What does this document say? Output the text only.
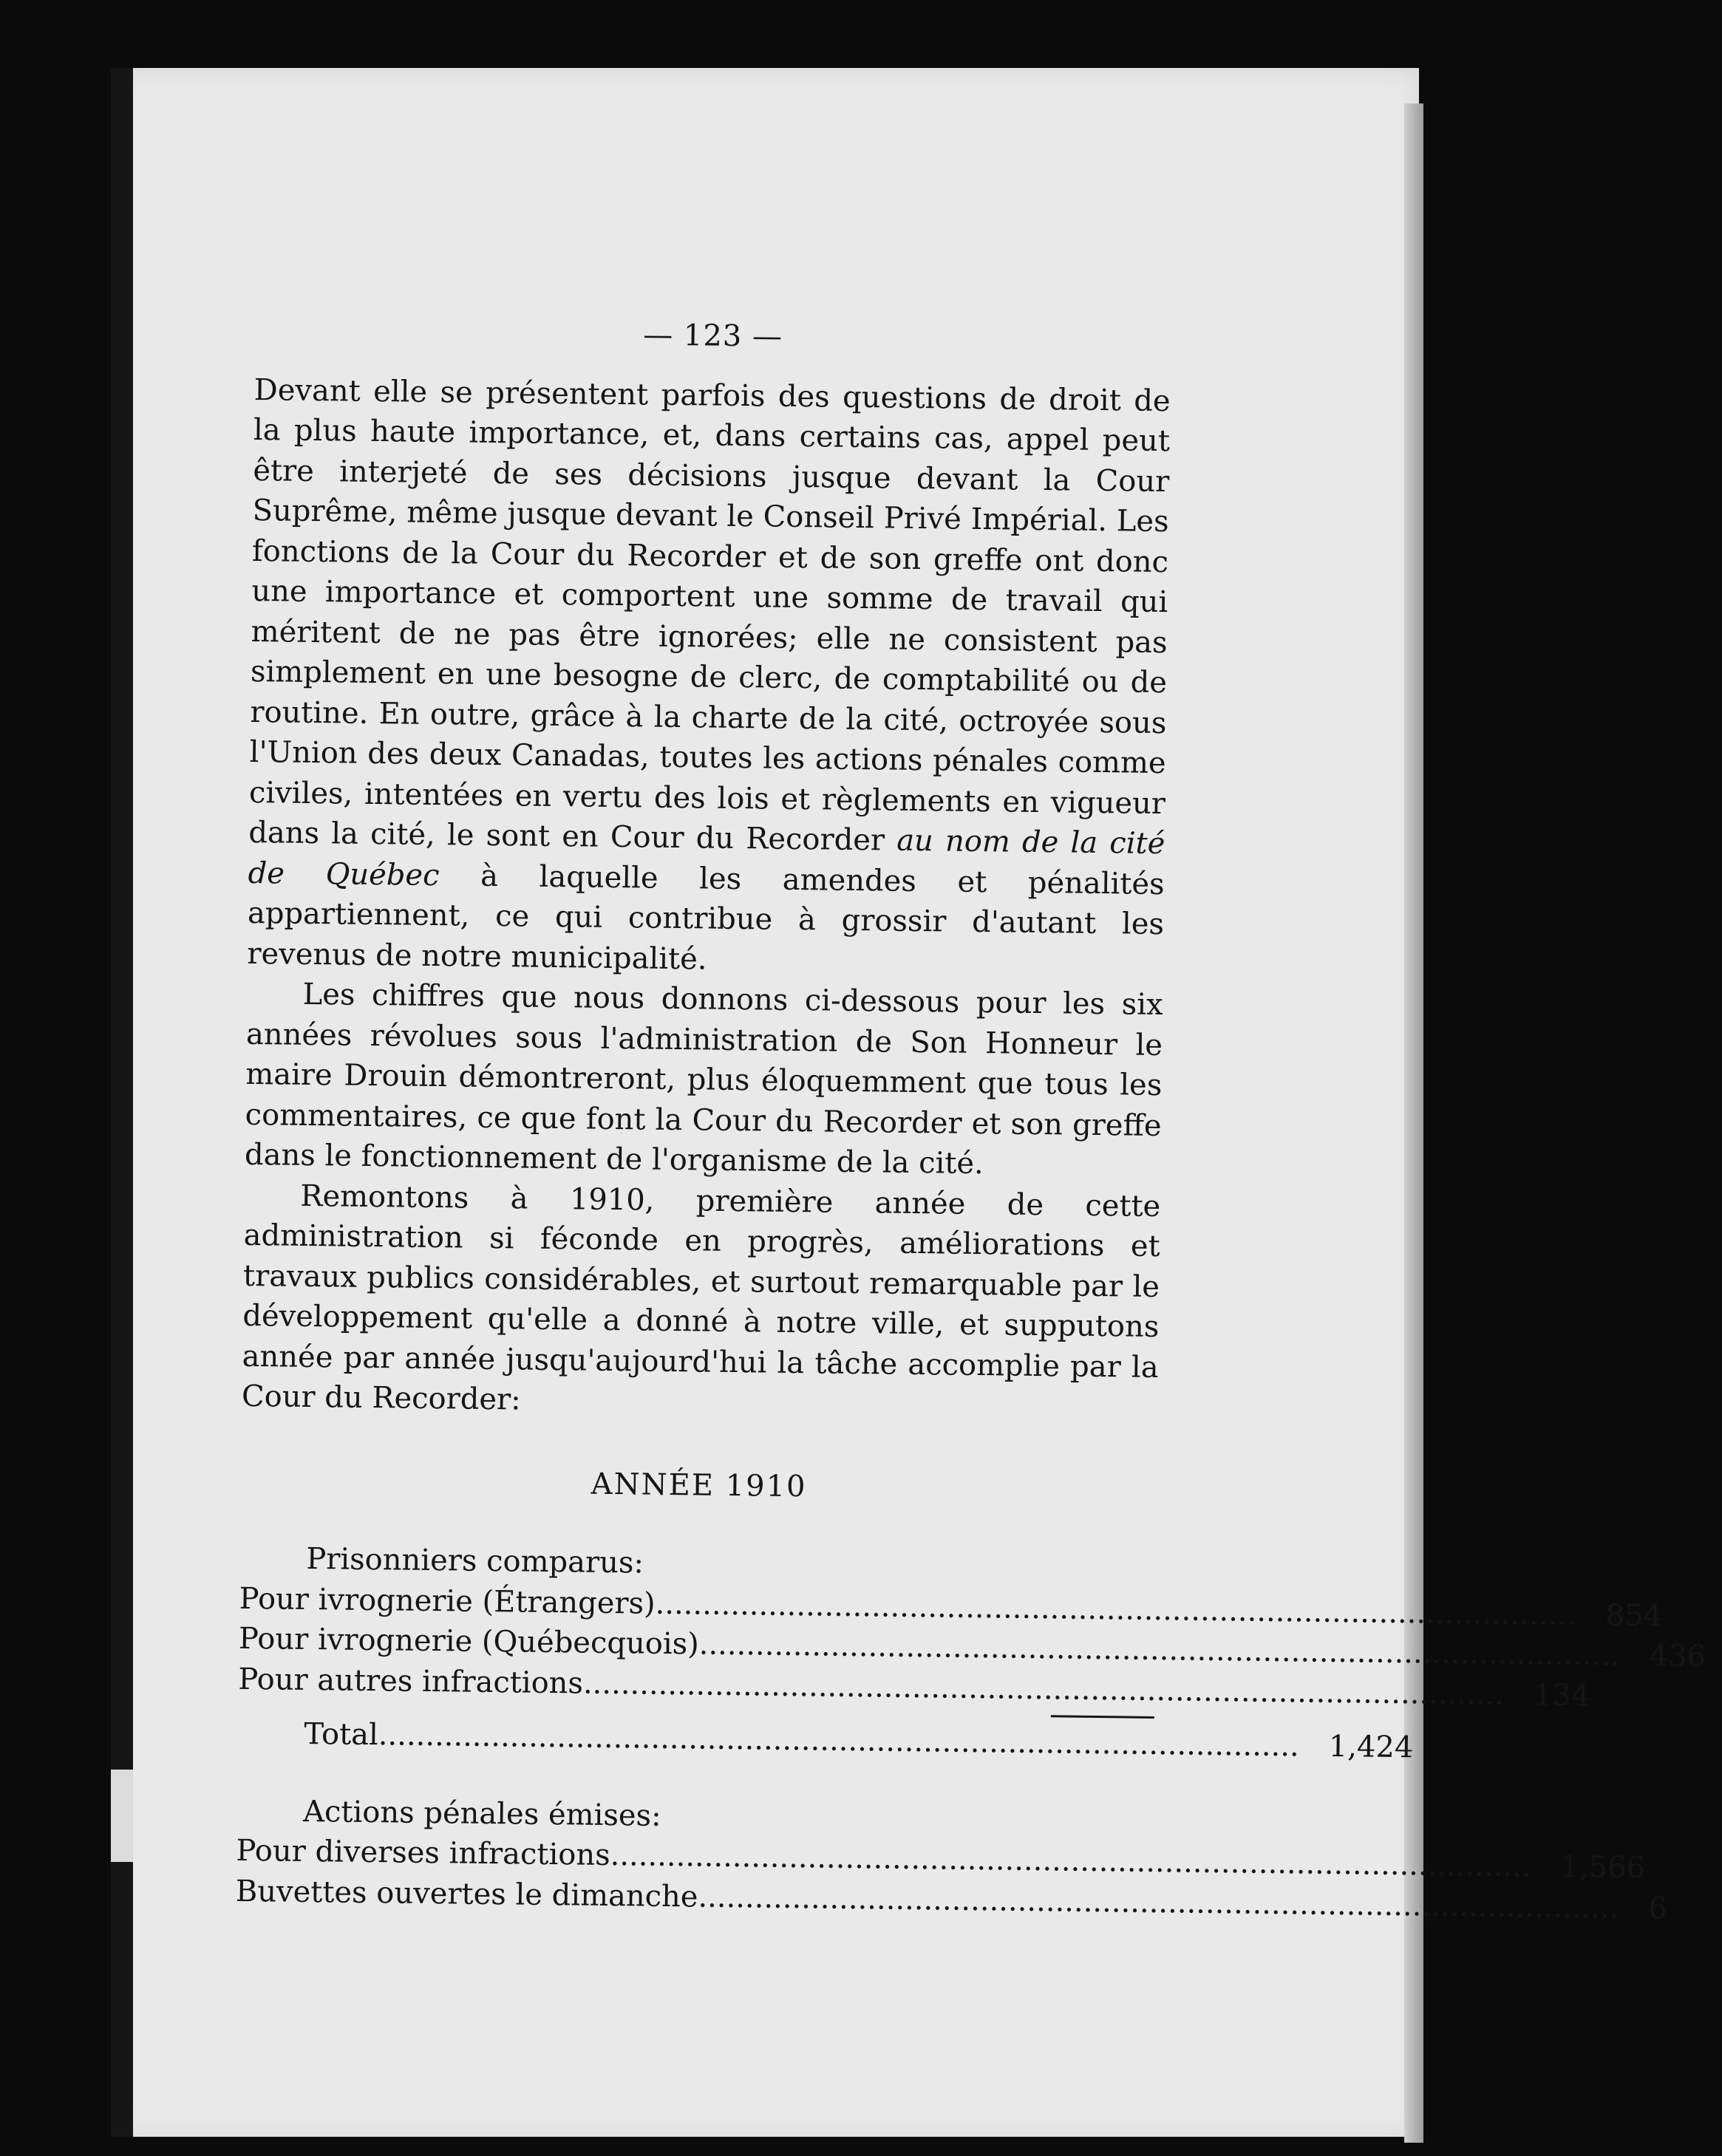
— 123 —

Devant elle se présentent parfois des questions de droit de la plus haute importance, et, dans certains cas, appel peut être interjeté de ses décisions jusque devant la Cour Suprême, même jusque devant le Conseil Privé Impérial. Les fonctions de la Cour du Recorder et de son greffe ont donc une importance et comportent une somme de travail qui méritent de ne pas être ignorées; elle ne consistent pas simplement en une besogne de clerc, de comptabilité ou de routine. En outre, grâce à la charte de la cité, octroyée sous l'Union des deux Canadas, toutes les actions pénales comme civiles, intentées en vertu des lois et règlements en vigueur dans la cité, le sont en Cour du Recorder au nom de la cité de Québec à laquelle les amendes et pénalités appartiennent, ce qui contribue à grossir d'autant les revenus de notre municipalité.

Les chiffres que nous donnons ci-dessous pour les six années révolues sous l'administration de Son Honneur le maire Drouin démontreront, plus éloquemment que tous les commentaires, ce que font la Cour du Recorder et son greffe dans le fonctionnement de l'organisme de la cité.

Remontons à 1910, première année de cette administration si féconde en progrès, améliorations et travaux publics considérables, et surtout remarquable par le développement qu'elle a donné à notre ville, et supputons année par année jusqu'aujourd'hui la tâche accomplie par la Cour du Recorder:

ANNÉE 1910

Prisonniers comparus:

Pour ivrognerie (Étrangers) .................................................................................................. 854
Pour ivrognerie (Québecquois) .................................................................................................. 436
Pour autres infractions .................................................................................................. 134
Total .................................................................................................. 1,424

Actions pénales émises:

Pour diverses infractions .................................................................................................. 1,566
Buvettes ouvertes le dimanche .................................................................................................. 6
